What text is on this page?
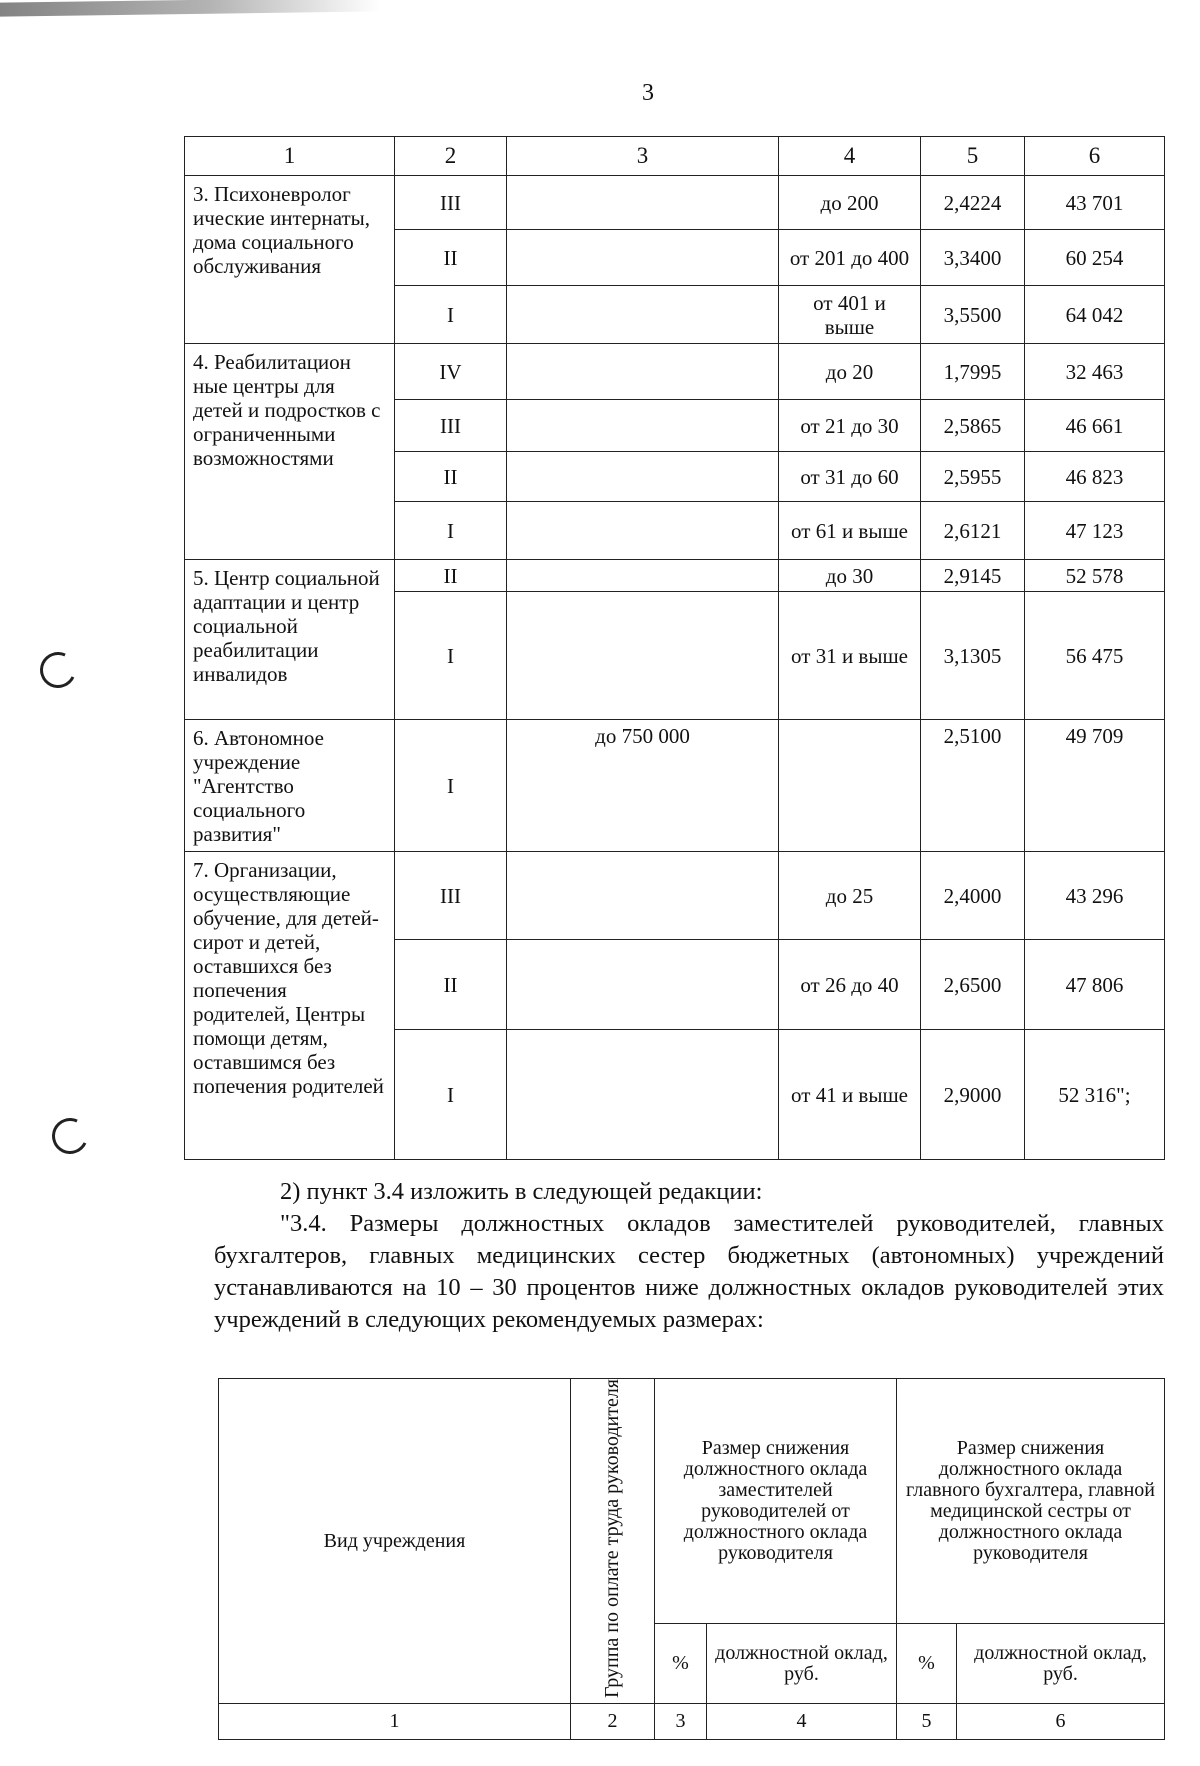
3
1	2	3	4	5	6
3. Психоневролог ические интернаты, дома социального обслуживания	III		до 200	2,4224	43 701
	II		от 201 до 400	3,3400	60 254
	I		от 401 и выше	3,5500	64 042
4. Реабилитацион ные центры для детей и подростков с ограниченными возможностями	IV		до 20	1,7995	32 463
	III		от 21 до 30	2,5865	46 661
	II		от 31 до 60	2,5955	46 823
	I		от 61 и выше	2,6121	47 123
5. Центр социальной адаптации и центр социальной реабилитации инвалидов	II		до 30	2,9145	52 578
	I		от 31 и выше	3,1305	56 475
6. Автономное учреждение "Агентство социального развития"	I	до 750 000		2,5100	49 709
7. Организации, осуществляющие обучение, для детей-сирот и детей, оставшихся без попечения родителей, Центры помощи детям, оставшимся без попечения родителей	III		до 25	2,4000	43 296
	II		от 26 до 40	2,6500	47 806
	I		от 41 и выше	2,9000	52 316";

2) пункт 3.4 изложить в следующей редакции:

"3.4. Размеры должностных окладов заместителей руководителей, главных бухгалтеров, главных медицинских сестер бюджетных (автономных) учреждений устанавливаются на 10 – 30 процентов ниже должностных окладов руководителей этих учреждений в следующих рекомендуемых размерах:

Вид учреждения	Группа по оплате труда руководителя	Размер снижения должностного оклада заместителей руководителей от должностного оклада руководителя		Размер снижения должностного оклада главного бухгалтера, главной медицинской сестры от должностного оклада руководителя	
		%	должностной оклад, руб.	%	должностной оклад, руб.
1	2	3	4	5	6
